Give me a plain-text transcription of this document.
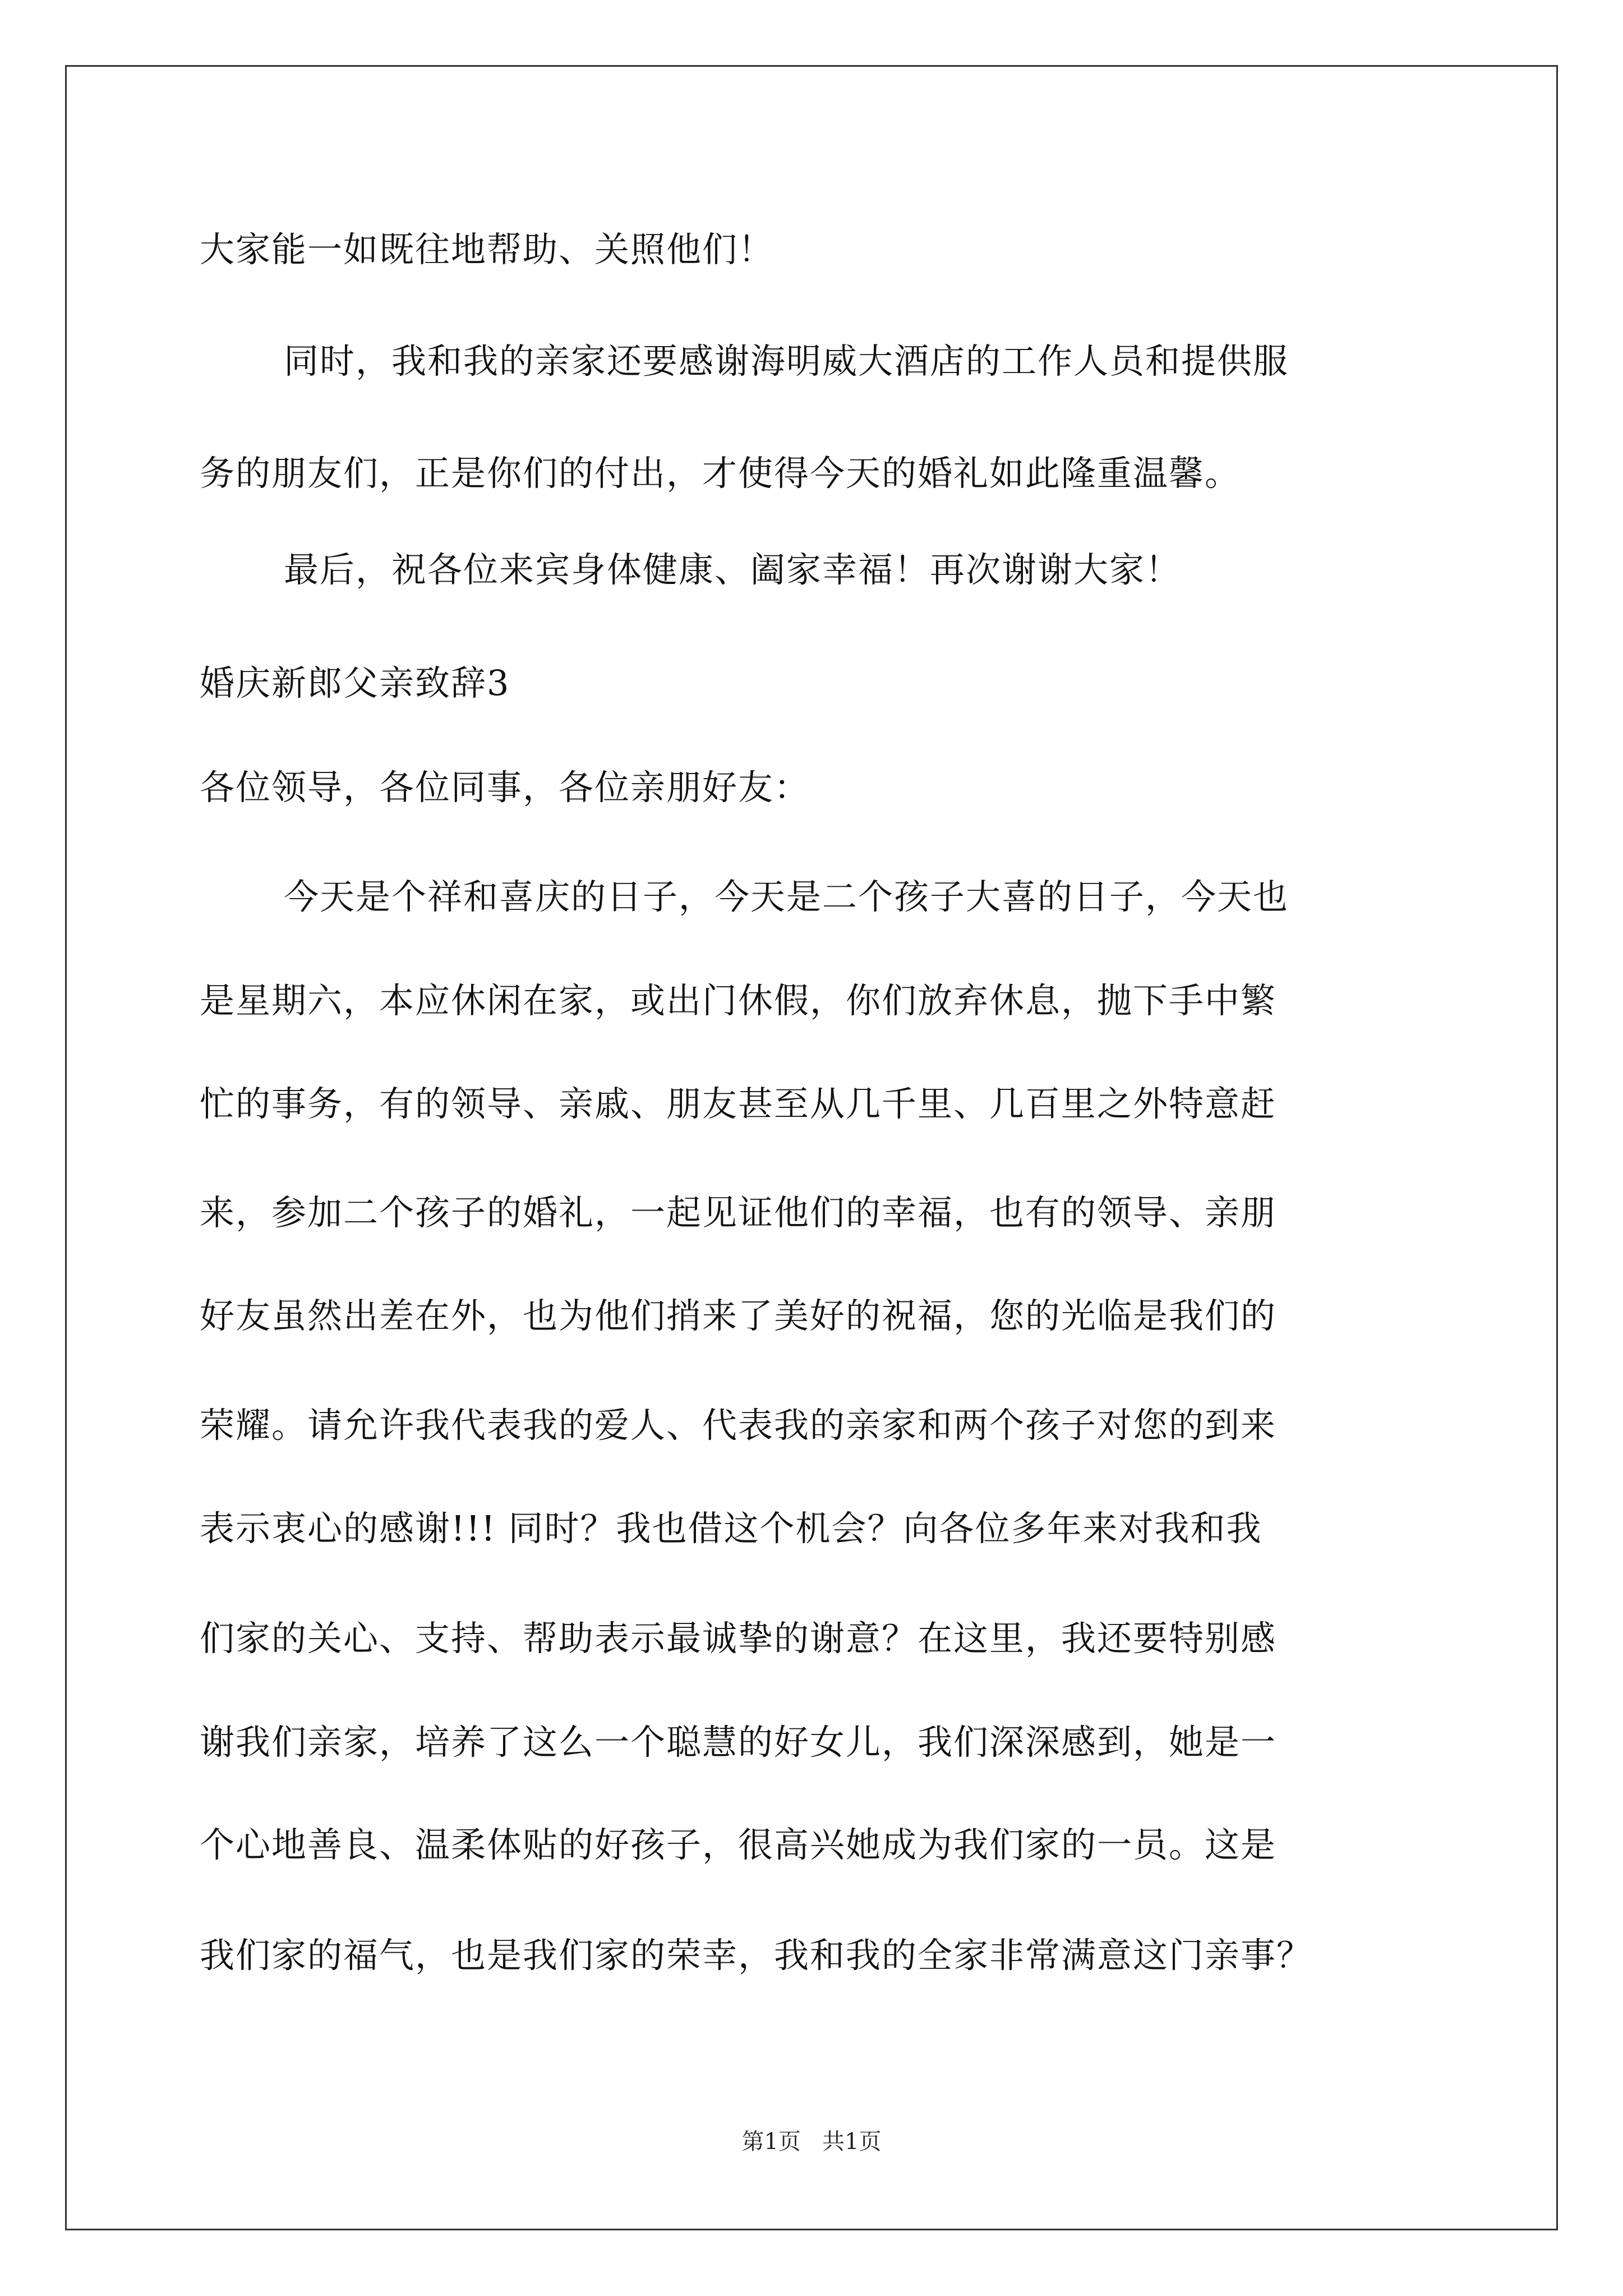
大家能一如既往地帮助、关照他们！
同时，我和我的亲家还要感谢海明威大酒店的工作人员和提供服
务的朋友们，正是你们的付出，才使得今天的婚礼如此隆重温馨。
最后，祝各位来宾身体健康、阖家幸福！再次谢谢大家！
婚庆新郎父亲致辞3
各位领导，各位同事，各位亲朋好友：
今天是个祥和喜庆的日子，今天是二个孩子大喜的日子，今天也
是星期六，本应休闲在家，或出门休假，你们放弃休息，抛下手中繁
忙的事务，有的领导、亲戚、朋友甚至从几千里、几百里之外特意赶
来，参加二个孩子的婚礼，一起见证他们的幸福，也有的领导、亲朋
好友虽然出差在外，也为他们捎来了美好的祝福，您的光临是我们的
荣耀。请允许我代表我的爱人、代表我的亲家和两个孩子对您的到来
表示衷心的感谢!!! 同时？我也借这个机会？向各位多年来对我和我
们家的关心、支持、帮助表示最诚挚的谢意？在这里，我还要特别感
谢我们亲家，培养了这么一个聪慧的好女儿，我们深深感到，她是一
个心地善良、温柔体贴的好孩子，很高兴她成为我们家的一员。这是
我们家的福气，也是我们家的荣幸，我和我的全家非常满意这门亲事？
第1页   共1页
